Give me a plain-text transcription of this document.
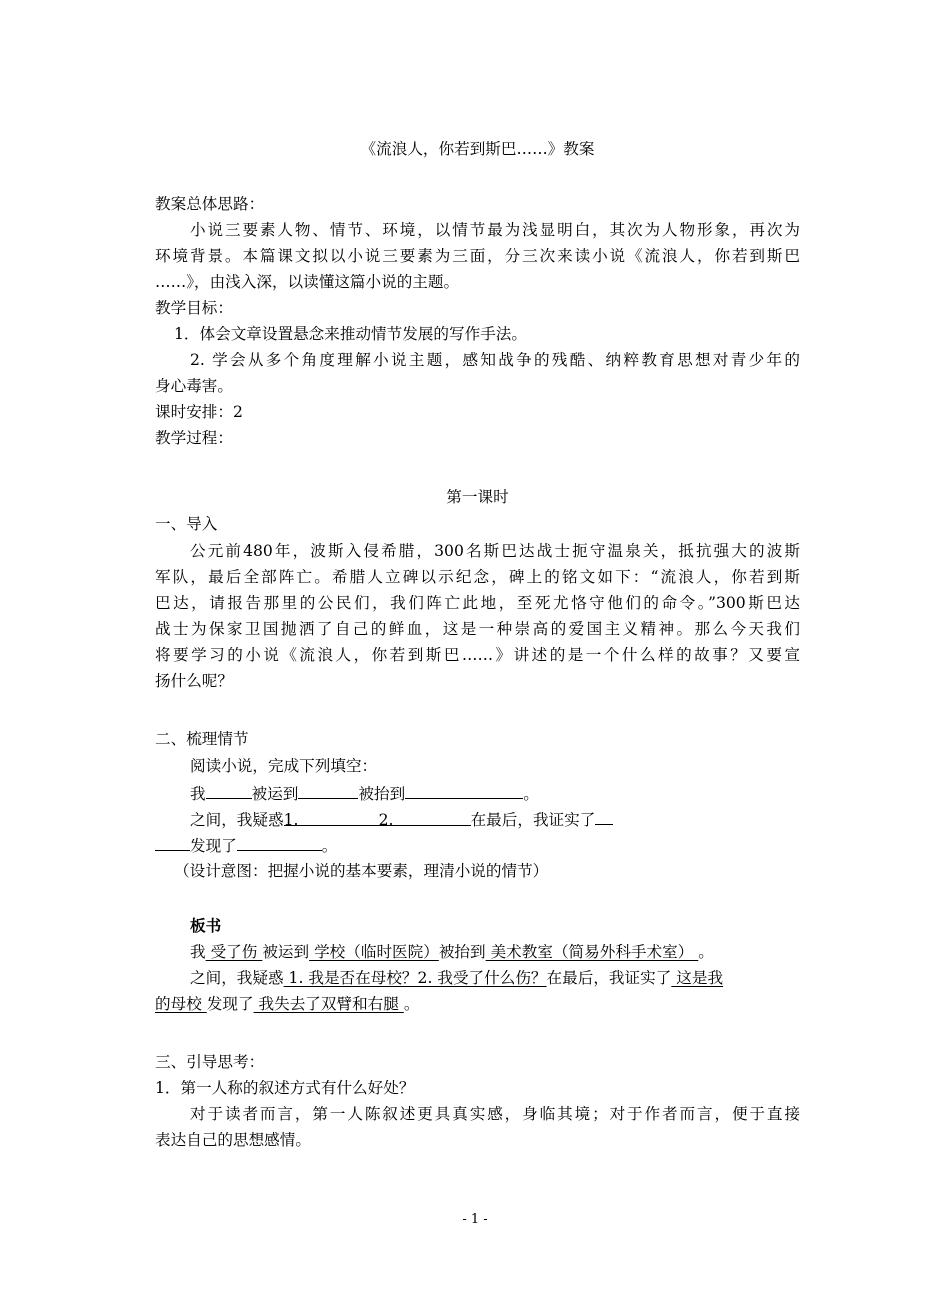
《流浪人，你若到斯巴……》教案
教案总体思路：
小说三要素人物、情节、环境，以情节最为浅显明白，其次为人物形象，再次为
环境背景。本篇课文拟以小说三要素为三面，分三次来读小说《流浪人，你若到斯巴
……》，由浅入深，以读懂这篇小说的主题。
教学目标：
1．体会文章设置悬念来推动情节发展的写作手法。
2. 学会从多个角度理解小说主题，感知战争的残酷、纳粹教育思想对青少年的
身心毒害。
课时安排：2
教学过程：
第一课时
一、导入
公元前480年，波斯入侵希腊，300名斯巴达战士扼守温泉关，抵抗强大的波斯
军队，最后全部阵亡。希腊人立碑以示纪念，碑上的铭文如下：“流浪人，你若到斯
巴达，请报告那里的公民们，我们阵亡此地，至死尤恪守他们的命令。”300斯巴达
战士为保家卫国抛洒了自己的鲜血，这是一种崇高的爱国主义精神。那么今天我们
将要学习的小说《流浪人，你若到斯巴……》讲述的是一个什么样的故事？又要宣
扬什么呢？
二、梳理情节
阅读小说，完成下列填空：
我	被运到	被抬到	。
之间，我疑惑1.	2.	在最后，我证实了
发现了	。
（设计意图：把握小说的基本要素，理清小说的情节）
板书
我 受了伤 被运到 学校（临时医院）被抬到 美术教室（简易外科手术室） 。
之间，我疑惑 1. 我是否在母校？2. 我受了什么伤？在最后，我证实了 这是我
的母校 发现了 我失去了双臂和右腿 。
三、引导思考：
1．第一人称的叙述方式有什么好处？
对于读者而言，第一人陈叙述更具真实感，身临其境；对于作者而言，便于直接
表达自己的思想感情。
- 1 -
